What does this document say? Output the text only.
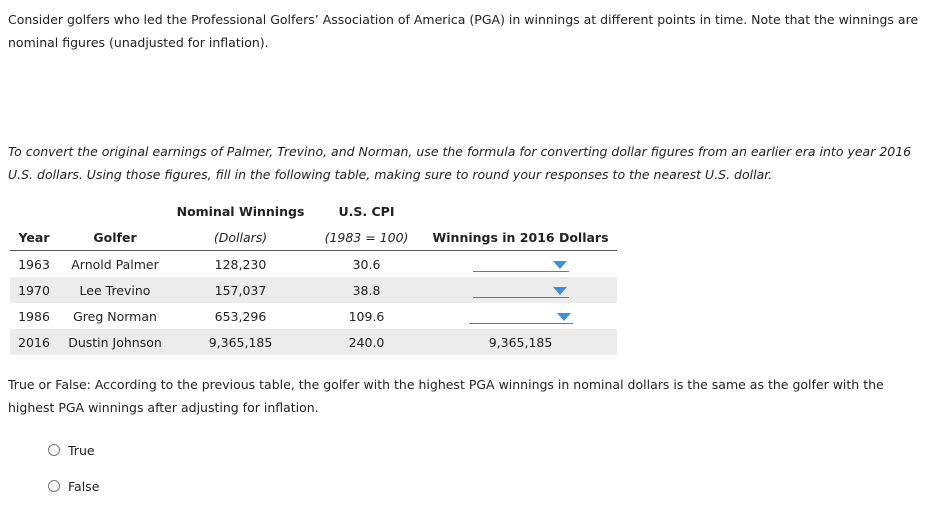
Consider golfers who led the Professional Golfers’ Association of America (PGA) in winnings at different points in time. Note that the winnings are nominal figures (unadjusted for inflation).

To convert the original earnings of Palmer, Trevino, and Norman, use the formula for converting dollar figures from an earlier era into year 2016 U.S. dollars. Using those figures, fill in the following table, making sure to round your responses to the nearest U.S. dollar.

		Nominal Winnings	U.S. CPI	
Year	Golfer	(Dollars)	(1983 = 100)	Winnings in 2016 Dollars
1963	Arnold Palmer	128,230	30.6	

1970	Lee Trevino	157,037	38.8	

1986	Greg Norman	653,296	109.6	

2016	Dustin Johnson	9,365,185	240.0	9,365,185

True or False: According to the previous table, the golfer with the highest PGA winnings in nominal dollars is the same as the golfer with the highest PGA winnings after adjusting for inflation.

True
False
